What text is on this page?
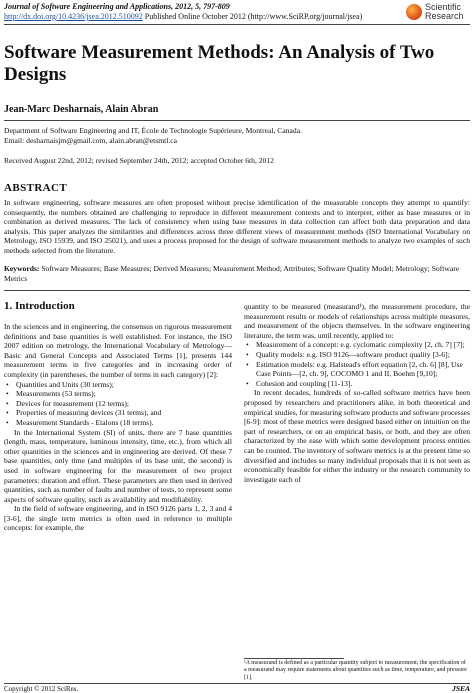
Journal of Software Engineering and Applications, 2012, 5, 797-809
http://dx.doi.org/10.4236/jsea.2012.510092 Published Online October 2012 (http://www.SciRP.org/journal/jsea)
Scientific
Research
Software Measurement Methods: An Analysis of Two Designs
Jean-Marc Desharnais, Alain Abran
Department of Software Engineering and IT, École de Technologie Supérieure, Montreal, Canada.
Email: desharnaisjm@gmail.com, alain.abran@etsmtl.ca
Received August 22nd, 2012; revised September 24th, 2012; accepted October 6th, 2012
ABSTRACT
In software engineering, software measures are often proposed without precise identification of the measurable concepts they attempt to quantify: consequently, the numbers obtained are challenging to reproduce in different measurement contexts and to interpret, either as base measures or in combination as derived measures. The lack of consistency when using base measures in data collection can affect both data preparation and data analysis. This paper analyzes the similarities and differences across three different views of measurement methods (ISO International Vocabulary on Metrology, ISO 15939, and ISO 25021), and uses a process proposed for the design of software measurement methods to analyze two examples of such methods selected from the literature.
Keywords: Software Measures; Base Measures; Derived Measures; Measurement Method; Attributes; Software Quality Model; Metrology; Software Metrics
1. Introduction

In the sciences and in engineering, the consensus on rigorous measurement definitions and base quantities is well established. For instance, the ISO 2007 edition on metrology, the International Vocabulary of Metrology—Basic and General Concepts and Associated Terms [1], presents 144 measurement terms in five categories and in increasing order of complexity (in parentheses, the number of terms in each category) [2]:

• Quantities and Units (30 terms);
• Measurements (53 terms);
• Devices for measurement (12 terms);
• Properties of measuring devices (31 terms), and
• Measurement Standards - Etalons (18 terms).

In the International System (SI) of units, there are 7 base quantities (length, mass, temperature, luminous intensity, time, etc.), from which all other quantities in the sciences and in engineering are derived. Of these 7 base quantities, only time (and multiples of its base unit, the second) is used in software engineering for the measurement of two project parameters: duration and effort. These parameters are then used in derived quantities, such as number of faults and number of tests, to represent some aspects of software quality, such as availability and modifiability.

In the field of software engineering, and in ISO 9126 parts 1, 2, 3 and 4 [3-6], the single term metrics is often used in reference to multiple concepts: for example, the

quantity to be measured (measurand¹), the measurement procedure, the measurement results or models of relationships across multiple measures, and measurement of the objects themselves. In the software engineering literature, the term was, until recently, applied to:

• Measurement of a concept: e.g. cyclomatic complexity [2, ch. 7] [7];
• Quality models: e.g. ISO 9126—software product quality [3-6];
• Estimation models: e.g. Halstead's effort equation [2, ch. 6] [8], Use Case Points—[2, ch. 9], COCOMO 1 and II, Boehm [9,10];
• Cohesion and coupling [11-13].

In recent decades, hundreds of so-called software metrics have been proposed by researchers and practitioners alike, in both theoretical and empirical studies, for measuring software products and software processes [6-9]: most of these metrics were designed based either on intuition on the part of researchers, or on an empirical basis, or both, and they are often characterized by the ease with which some development process entities can be counted. The inventory of software metrics is at the present time so diversified and includes so many individual proposals that it is not seen as economically feasible for either the industry or the research community to investigate each of

¹A measurand is defined as a particular quantity subject to measurement; the specification of a measurand may require statements about quantities such as time, temperature, and pressure [1].
Copyright © 2012 SciRes.	JSEA
